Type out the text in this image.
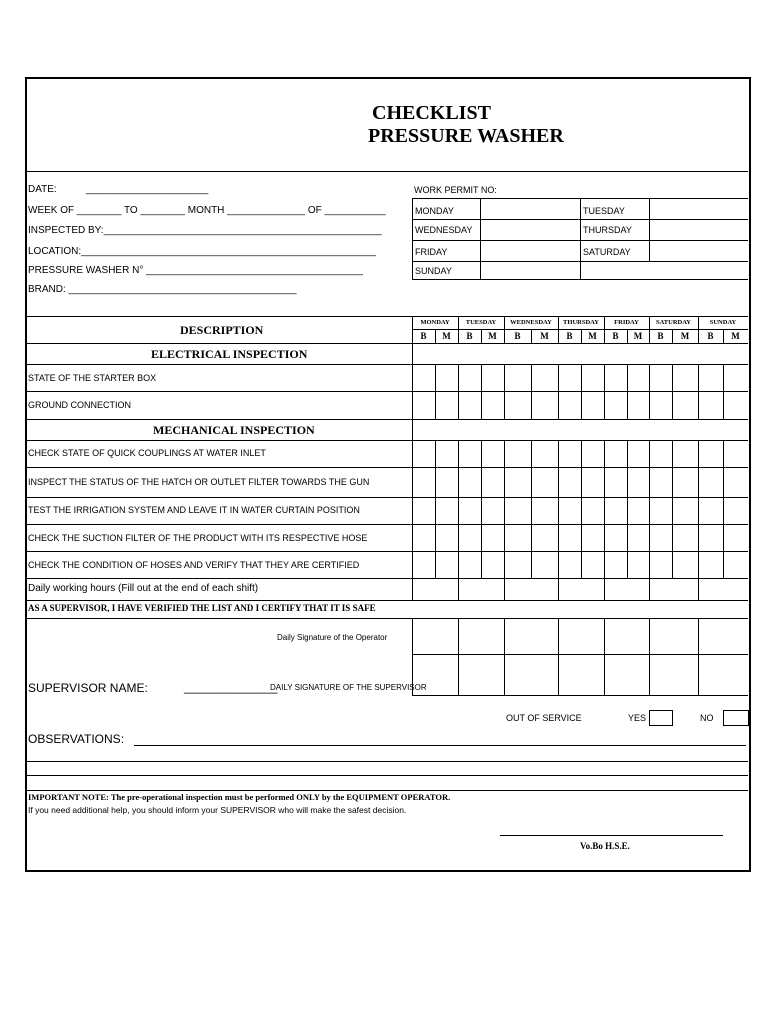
CHECKLIST
PRESSURE WASHER
DATE:	______________________
WEEK OF ________ TO ________ MONTH ______________ OF ___________
INSPECTED BY:__________________________________________________
LOCATION:_____________________________________________________
PRESSURE WASHER N° _______________________________________
BRAND: _________________________________________
WORK PERMIT NO:
MONDAY	TUESDAY
WEDNESDAY	THURSDAY
FRIDAY	SATURDAY
SUNDAY
DESCRIPTION
MONDAY	TUESDAY	WEDNESDAY	THURSDAY	FRIDAY	SATURDAY	SUNDAY
B	M	B	M	B	M	B	M	B	M	B	M	B	M
ELECTRICAL INSPECTION
STATE OF THE STARTER BOX
GROUND CONNECTION
MECHANICAL INSPECTION
CHECK STATE OF QUICK COUPLINGS AT WATER INLET
INSPECT THE STATUS OF THE HATCH OR OUTLET FILTER TOWARDS THE GUN
TEST THE IRRIGATION SYSTEM AND LEAVE IT IN WATER CURTAIN POSITION
CHECK THE SUCTION FILTER OF THE PRODUCT WITH ITS RESPECTIVE HOSE
CHECK THE CONDITION OF HOSES AND VERIFY THAT THEY ARE CERTIFIED
Daily working hours (Fill out at the end of each shift)
AS A SUPERVISOR, I HAVE VERIFIED THE LIST AND I CERTIFY THAT IT IS SAFE
Daily Signature of the Operator
SUPERVISOR NAME:	______________
DAILY SIGNATURE OF THE SUPERVISOR
OUT OF SERVICE	YES	NO
OBSERVATIONS:
IMPORTANT NOTE: The pre-operational inspection must be performed ONLY by the EQUIPMENT OPERATOR.
If you need additional help, you should inform your SUPERVISOR who will make the safest decision.
Vo.Bo H.S.E.
